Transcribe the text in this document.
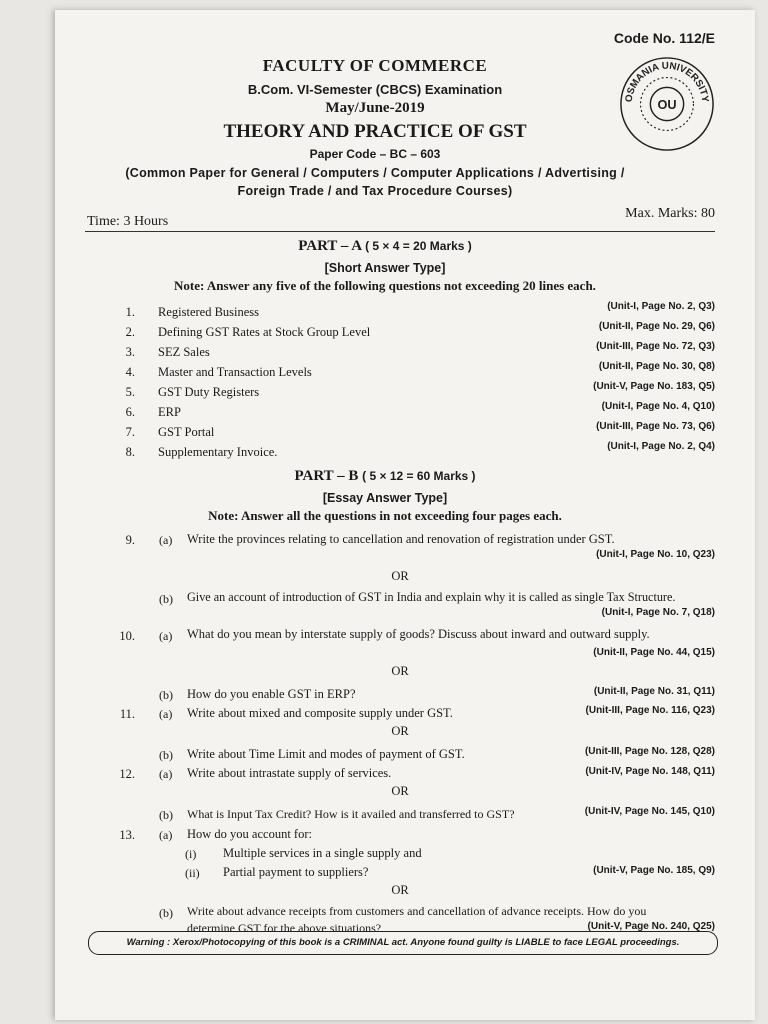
Code No. 112/E
OSMANIA UNIVERSITY
OU
FACULTY OF COMMERCE
B.Com. VI-Semester (CBCS) Examination
May/June-2019
THEORY AND PRACTICE OF GST
Paper Code – BC – 603
(Common Paper for General / Computers / Computer Applications / Advertising /
Foreign Trade / and Tax Procedure Courses)
Max. Marks: 80
Time: 3 Hours
PART – A ( 5 × 4 = 20 Marks )
[Short Answer Type]
Note: Answer any five of the following questions not exceeding 20 lines each.
1. Registered Business	(Unit-I, Page No. 2, Q3)
2. Defining GST Rates at Stock Group Level	(Unit-II, Page No. 29, Q6)
3. SEZ Sales	(Unit-III, Page No. 72, Q3)
4. Master and Transaction Levels	(Unit-II, Page No. 30, Q8)
5. GST Duty Registers	(Unit-V, Page No. 183, Q5)
6. ERP	(Unit-I, Page No. 4, Q10)
7. GST Portal	(Unit-III, Page No. 73, Q6)
8. Supplementary Invoice.	(Unit-I, Page No. 2, Q4)
PART – B ( 5 × 12 = 60 Marks )
[Essay Answer Type]
Note: Answer all the questions in not exceeding four pages each.
9. (a) Write the provinces relating to cancellation and renovation of registration under GST.
(Unit-I, Page No. 10, Q23)
OR
(b) Give an account of introduction of GST in India and explain why it is called as single Tax Structure.
(Unit-I, Page No. 7, Q18)
10. (a) What do you mean by interstate supply of goods? Discuss about inward and outward supply.
(Unit-II, Page No. 44, Q15)
OR
(b) How do you enable GST in ERP?	(Unit-II, Page No. 31, Q11)
11. (a) Write about mixed and composite supply under GST.	(Unit-III, Page No. 116, Q23)
OR
(b) Write about Time Limit and modes of payment of GST.	(Unit-III, Page No. 128, Q28)
12. (a) Write about intrastate supply of services.	(Unit-IV, Page No. 148, Q11)
OR
(b) What is Input Tax Credit? How is it availed and transferred to GST?	(Unit-IV, Page No. 145, Q10)
13. (a) How do you account for:
(i) Multiple services in a single supply and
(ii) Partial payment to suppliers?	(Unit-V, Page No. 185, Q9)
OR
(b) Write about advance receipts from customers and cancellation of advance receipts. How do you
determine GST for the above situations?	(Unit-V, Page No. 240, Q25)
Warning : Xerox/Photocopying of this book is a CRIMINAL act. Anyone found guilty is LIABLE to face LEGAL proceedings.
